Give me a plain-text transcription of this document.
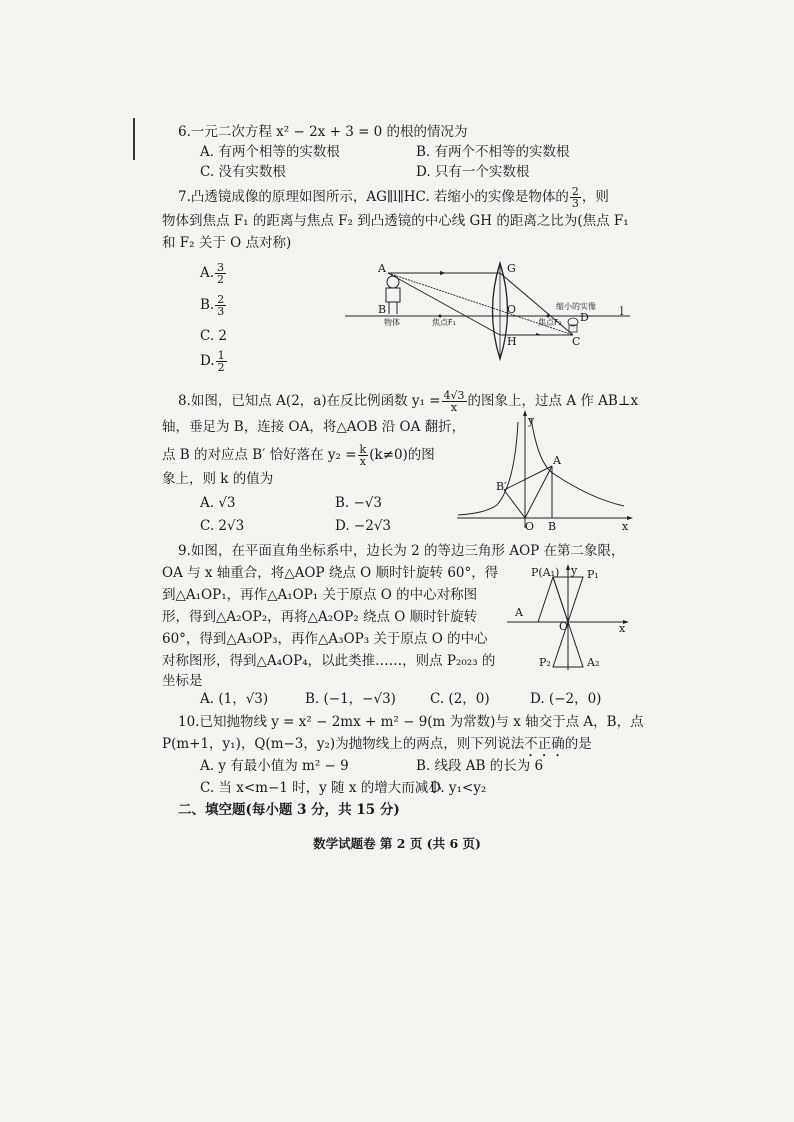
6.一元二次方程 x² − 2x + 3 = 0 的根的情况为
A. 有两个相等的实数根	B. 有两个不相等的实数根
C. 没有实数根	D. 只有一个实数根
7.凸透镜成像的原理如图所示，AG∥l∥HC. 若缩小的实像是物体的 $\frac{2}{3}$ ，则
物体到焦点 F₁ 的距离与焦点 F₂ 到凸透镜的中心线 GH 的距离之比为(焦点 F₁
和 F₂ 关于 O 点对称)
A. $\frac{3}{2}$
B. $\frac{2}{3}$
C. 2
D. $\frac{1}{2}$
A	G
B	O
H	C
D	l
物体	焦点F₁	焦点F₂
缩小的实像
8.如图，已知点 A(2，a)在反比例函数 $y_1 = \frac{4√3}{x}$ 的图象上，过点 A 作 AB⊥x
轴，垂足为 B，连接 OA，将△AOB 沿 OA 翻折，
点 B 的对应点 B′ 恰好落在 $y_2 = \frac{k}{x} (k\ne 0)$的图
象上，则 k 的值为
A. √3	B. −√3
C. 2√3	D. −2√3
y
x
A
B′
O B
9.如图，在平面直角坐标系中，边长为 2 的等边三角形 AOP 在第二象限，
OA 与 x 轴重合，将△AOP 绕点 O 顺时针旋转 60°，得
到△A₁OP₁，再作△A₁OP₁ 关于原点 O 的中心对称图
形，得到△A₂OP₂，再将△A₂OP₂ 绕点 O 顺时针旋转
60°，得到△A₃OP₃，再作△A₃OP₃ 关于原点 O 的中心
对称图形，得到△A₄OP₄，以此类推……，则点 P₂₀₂₃ 的
坐标是
A. (1，√3)	B. (−1，−√3)	C. (2，0)	D. (−2，0)
P(A₁) y P₁
A
O	x
P₂	A₂
10.已知抛物线 y = x² − 2mx + m² − 9(m 为常数)与 x 轴交于点 A，B，点
P(m+1，y₁)，Q(m−3，y₂)为抛物线上的两点，则下列说法不正确的是
A. y 有最小值为 m² − 9	B. 线段 AB 的长为 6
C. 当 x<m−1 时，y 随 x 的增大而减小
D. y₁<y₂
二、填空题(每小题 3 分，共 15 分)
数学试题卷 第 2 页 (共 6 页)
